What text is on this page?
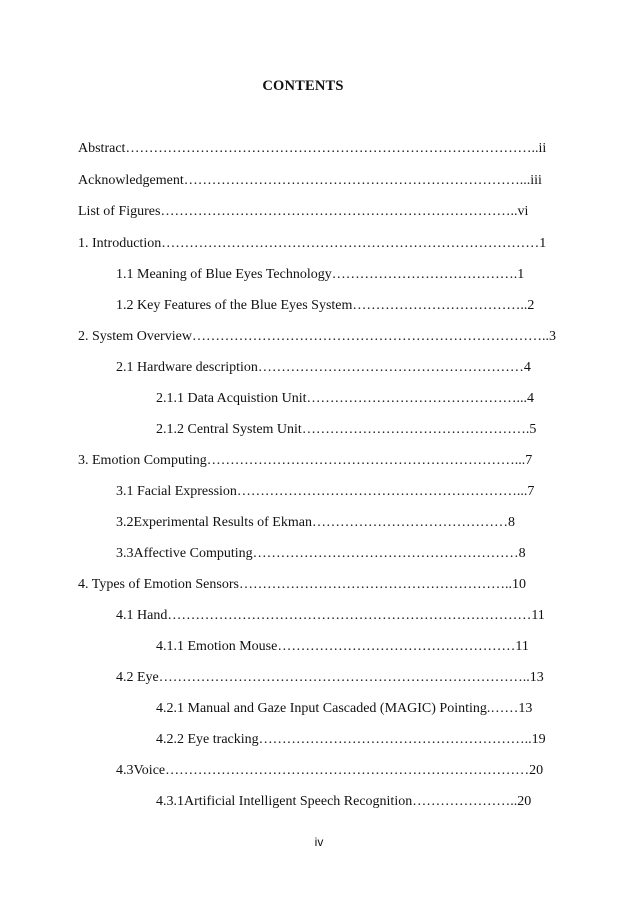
CONTENTS
Abstract……………………………………………………………………………..ii
Acknowledgement………………………………………………………………...iii
List of Figures…………………………………………………………………..vi
1. Introduction………………………………………………………………………1
1.1 Meaning of Blue Eyes Technology………………………………….1
1.2 Key Features of the Blue Eyes System………………………………..2
2. System Overview…………………………………………………………………..3
2.1 Hardware description…………………………………………………4
2.1.1 Data Acquistion Unit………………………………………...4
2.1.2 Central System Unit………………………………………….5
3. Emotion Computing…………………………………………………………...7
3.1 Facial Expression……………………………………………………...7
3.2Experimental Results of Ekman……………………………………8
3.3Affective Computing…………………………………………………8
4. Types of Emotion Sensors…………………………………………………..10
4.1 Hand……………………………………………………………………11
4.1.1 Emotion Mouse……………………………………………11
4.2 Eye……………………………………………………………………..13
4.2.1 Manual and Gaze Input Cascaded (MAGIC) Pointing.……13
4.2.2 Eye tracking…………………………………………………..19
4.3Voice……………………………………………………………………20
4.3.1Artificial Intelligent Speech Recognition…………………..20
iv
